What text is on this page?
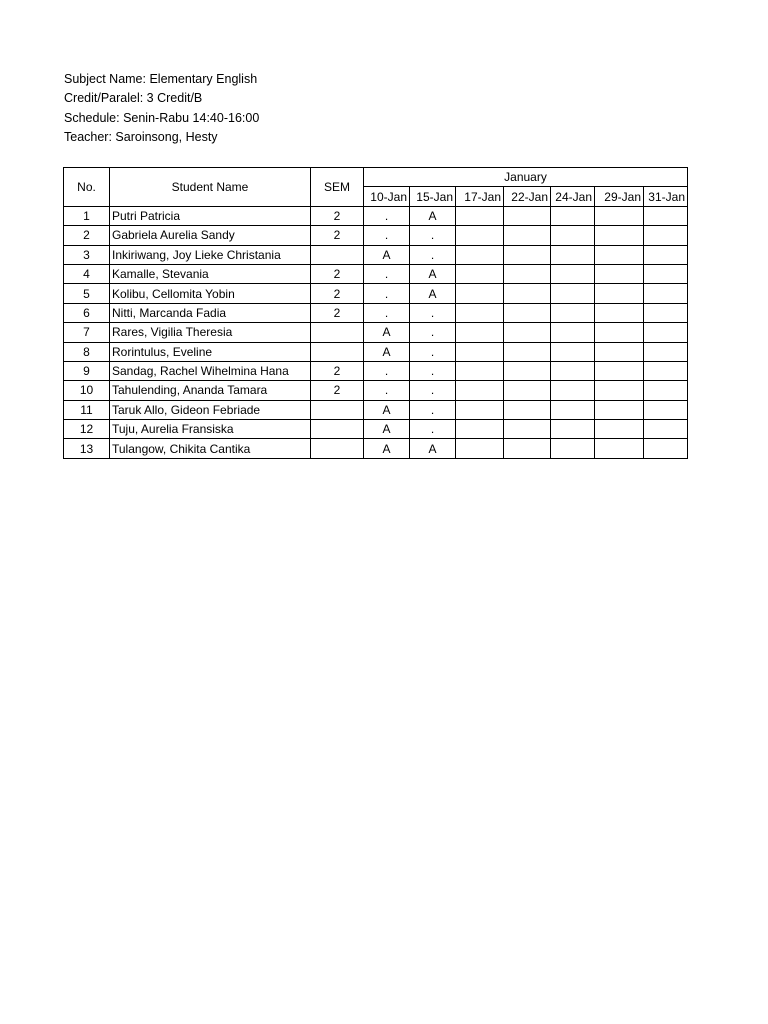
Subject Name: Elementary English
Credit/Paralel: 3 Credit/B
Schedule: Senin-Rabu 14:40-16:00
Teacher: Saroinsong, Hesty
No.	Student Name	SEM	January						
			10-Jan	15-Jan	17-Jan	22-Jan	24-Jan	29-Jan	31-Jan
1	Putri Patricia	2	.	A					
2	Gabriela Aurelia Sandy	2	.	.					
3	Inkiriwang, Joy Lieke Christania		A	.					
4	Kamalle, Stevania	2	.	A					
5	Kolibu, Cellomita Yobin	2	.	A					
6	Nitti, Marcanda Fadia	2	.	.					
7	Rares, Vigilia Theresia		A	.					
8	Rorintulus, Eveline		A	.					
9	Sandag, Rachel Wihelmina Hana	2	.	.					
10	Tahulending, Ananda Tamara	2	.	.					
11	Taruk Allo, Gideon Febriade		A	.					
12	Tuju, Aurelia Fransiska		A	.					
13	Tulangow, Chikita Cantika		A	A					
